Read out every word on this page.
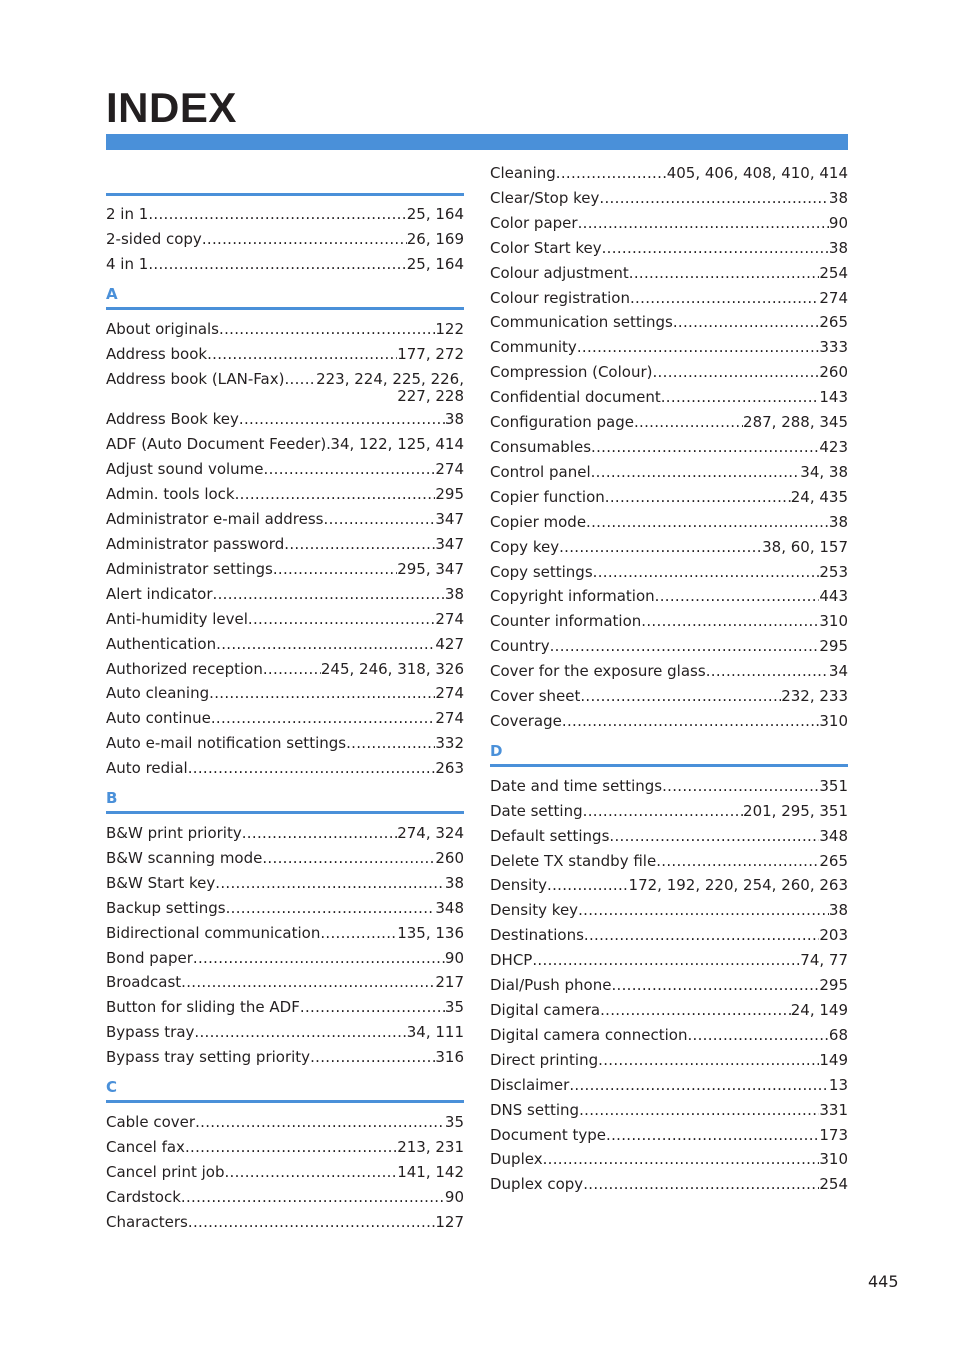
INDEX
2 in 1 .....	25, 164
2-sided copy .....	26, 169
4 in 1 .....	25, 164
A
About originals .....	122
Address book .....	177, 272
Address book (LAN-Fax) ..... 223, 224, 225, 226,
227, 228
Address Book key .....	38
ADF (Auto Document Feeder) ..... 34, 122, 125, 414
Adjust sound volume .....	274
Admin. tools lock .....	295
Administrator e-mail address .....	347
Administrator password .....	347
Administrator settings .....	295, 347
Alert indicator .....	38
Anti-humidity level .....	274
Authentication .....	427
Authorized reception .....	245, 246, 318, 326
Auto cleaning .....	274
Auto continue .....	274
Auto e-mail notification settings .....	332
Auto redial .....	263
B
B&W print priority .....	274, 324
B&W scanning mode .....	260
B&W Start key .....	38
Backup settings .....	348
Bidirectional communication .....	135, 136
Bond paper .....	90
Broadcast .....	217
Button for sliding the ADF .....	35
Bypass tray .....	34, 111
Bypass tray setting priority .....	316
C
Cable cover .....	35
Cancel fax .....	213, 231
Cancel print job .....	141, 142
Cardstock .....	90
Characters .....	127
Cleaning .....	405, 406, 408, 410, 414
Clear/Stop key .....	38
Color paper .....	90
Color Start key .....	38
Colour adjustment .....	254
Colour registration .....	274
Communication settings .....	265
Community .....	333
Compression (Colour) .....	260
Confidential document .....	143
Configuration page .....	287, 288, 345
Consumables .....	423
Control panel .....	34, 38
Copier function .....	24, 435
Copier mode .....	38
Copy key .....	38, 60, 157
Copy settings .....	253
Copyright information .....	443
Counter information .....	310
Country .....	295
Cover for the exposure glass .....	34
Cover sheet .....	232, 233
Coverage .....	310
D
Date and time settings .....	351
Date setting .....	201, 295, 351
Default settings .....	348
Delete TX standby file .....	265
Density .....	172, 192, 220, 254, 260, 263
Density key .....	38
Destinations .....	203
DHCP .....	74, 77
Dial/Push phone .....	295
Digital camera .....	24, 149
Digital camera connection .....	68
Direct printing .....	149
Disclaimer .....	13
DNS setting .....	331
Document type .....	173
Duplex .....	310
Duplex copy .....	254
445
